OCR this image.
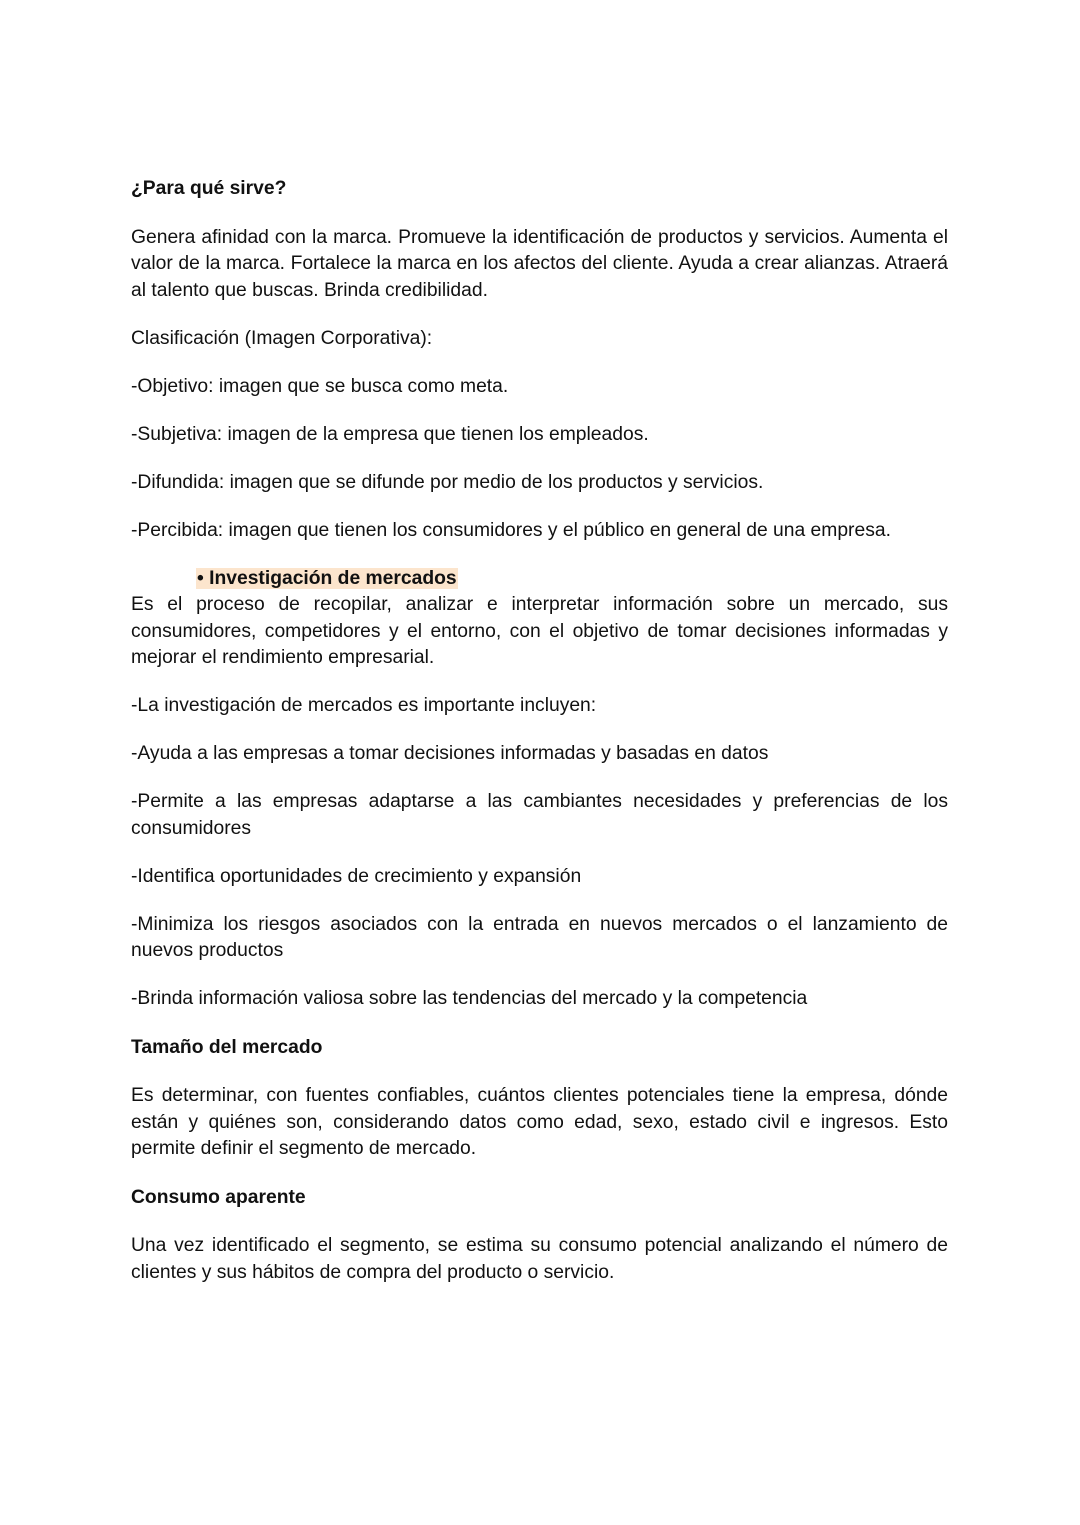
¿Para qué sirve?

Genera afinidad con la marca. Promueve la identificación de productos y servicios. Aumenta el valor de la marca. Fortalece la marca en los afectos del cliente. Ayuda a crear alianzas. Atraerá al talento que buscas. Brinda credibilidad.

Clasificación (Imagen Corporativa):

-Objetivo: imagen que se busca como meta.

-Subjetiva: imagen de la empresa que tienen los empleados.

-Difundida: imagen que se difunde por medio de los productos y servicios.

-Percibida: imagen que tienen los consumidores y el público en general de una empresa.

• Investigación de mercados

Es el proceso de recopilar, analizar e interpretar información sobre un mercado, sus consumidores, competidores y el entorno, con el objetivo de tomar decisiones informadas y mejorar el rendimiento empresarial.

-La investigación de mercados es importante incluyen:

-Ayuda a las empresas a tomar decisiones informadas y basadas en datos

-Permite a las empresas adaptarse a las cambiantes necesidades y preferencias de los consumidores

-Identifica oportunidades de crecimiento y expansión

-Minimiza los riesgos asociados con la entrada en nuevos mercados o el lanzamiento de nuevos productos

-Brinda información valiosa sobre las tendencias del mercado y la competencia

Tamaño del mercado

Es determinar, con fuentes confiables, cuántos clientes potenciales tiene la empresa, dónde están y quiénes son, considerando datos como edad, sexo, estado civil e ingresos. Esto permite definir el segmento de mercado.

Consumo aparente

Una vez identificado el segmento, se estima su consumo potencial analizando el número de clientes y sus hábitos de compra del producto o servicio.
